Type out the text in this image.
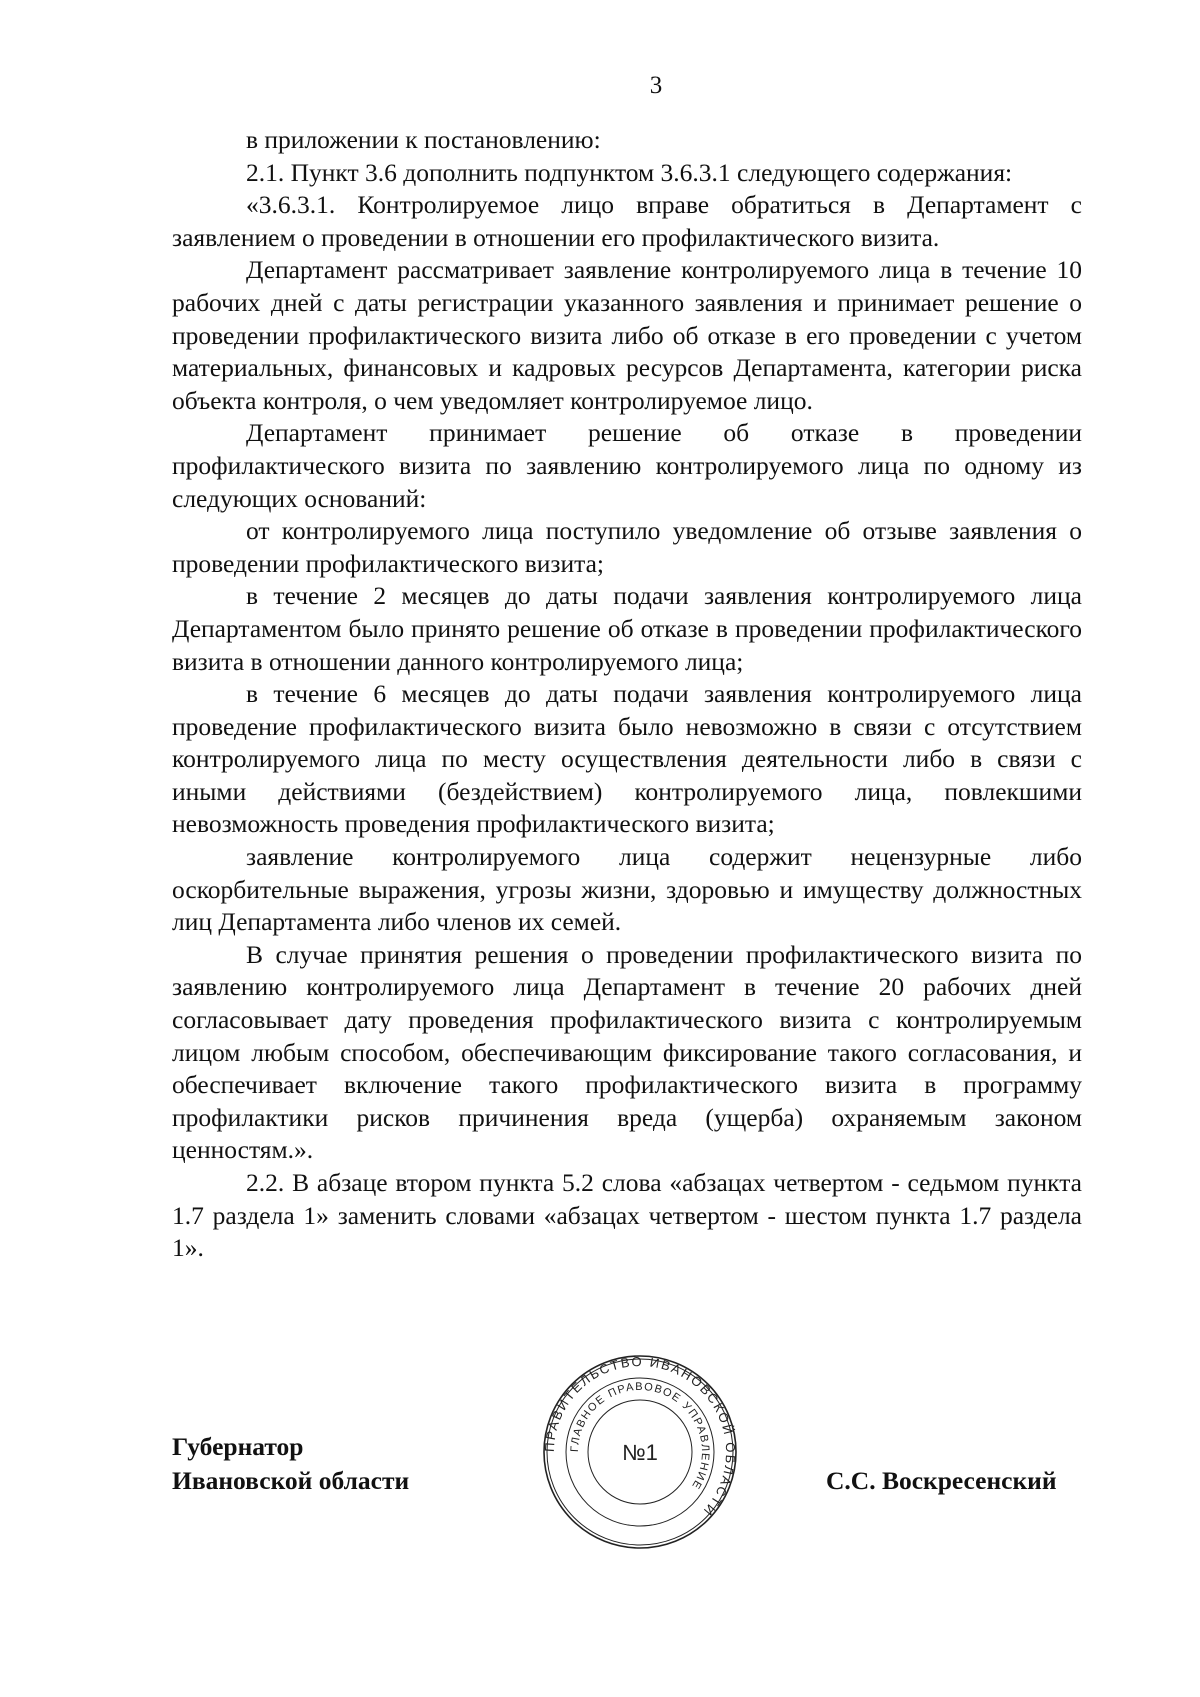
3

в приложении к постановлению:

2.1. Пункт 3.6 дополнить подпунктом 3.6.3.1 следующего содержания:

«3.6.3.1. Контролируемое лицо вправе обратиться в Департамент с заявлением о проведении в отношении его профилактического визита.

Департамент рассматривает заявление контролируемого лица в течение 10 рабочих дней с даты регистрации указанного заявления и принимает решение о проведении профилактического визита либо об отказе в его проведении с учетом материальных, финансовых и кадровых ресурсов Департамента, категории риска объекта контроля, о чем уведомляет контролируемое лицо.

Департамент принимает решение об отказе в проведении профилактического визита по заявлению контролируемого лица по одному из следующих оснований:

от контролируемого лица поступило уведомление об отзыве заявления о проведении профилактического визита;

в течение 2 месяцев до даты подачи заявления контролируемого лица Департаментом было принято решение об отказе в проведении профилактического визита в отношении данного контролируемого лица;

в течение 6 месяцев до даты подачи заявления контролируемого лица проведение профилактического визита было невозможно в связи с отсутствием контролируемого лица по месту осуществления деятельности либо в связи с иными действиями (бездействием) контролируемого лица, повлекшими невозможность проведения профилактического визита;

заявление контролируемого лица содержит нецензурные либо оскорбительные выражения, угрозы жизни, здоровью и имуществу должностных лиц Департамента либо членов их семей.

В случае принятия решения о проведении профилактического визита по заявлению контролируемого лица Департамент в течение 20 рабочих дней согласовывает дату проведения профилактического визита с контролируемым лицом любым способом, обеспечивающим фиксирование такого согласования, и обеспечивает включение такого профилактического визита в программу профилактики рисков причинения вреда (ущерба) охраняемым законом ценностям.».

2.2. В абзаце втором пункта 5.2 слова «абзацах четвертом - седьмом пункта 1.7 раздела 1» заменить словами «абзацах четвертом - шестом пункта 1.7 раздела 1».

Губернатор
Ивановской области
ПРАВИТЕЛЬСТВО ИВАНОВСКОЙ ОБЛАСТИ
ГЛАВНОЕ ПРАВОВОЕ УПРАВЛЕНИЕ
№1
С.С. Воскресенский
